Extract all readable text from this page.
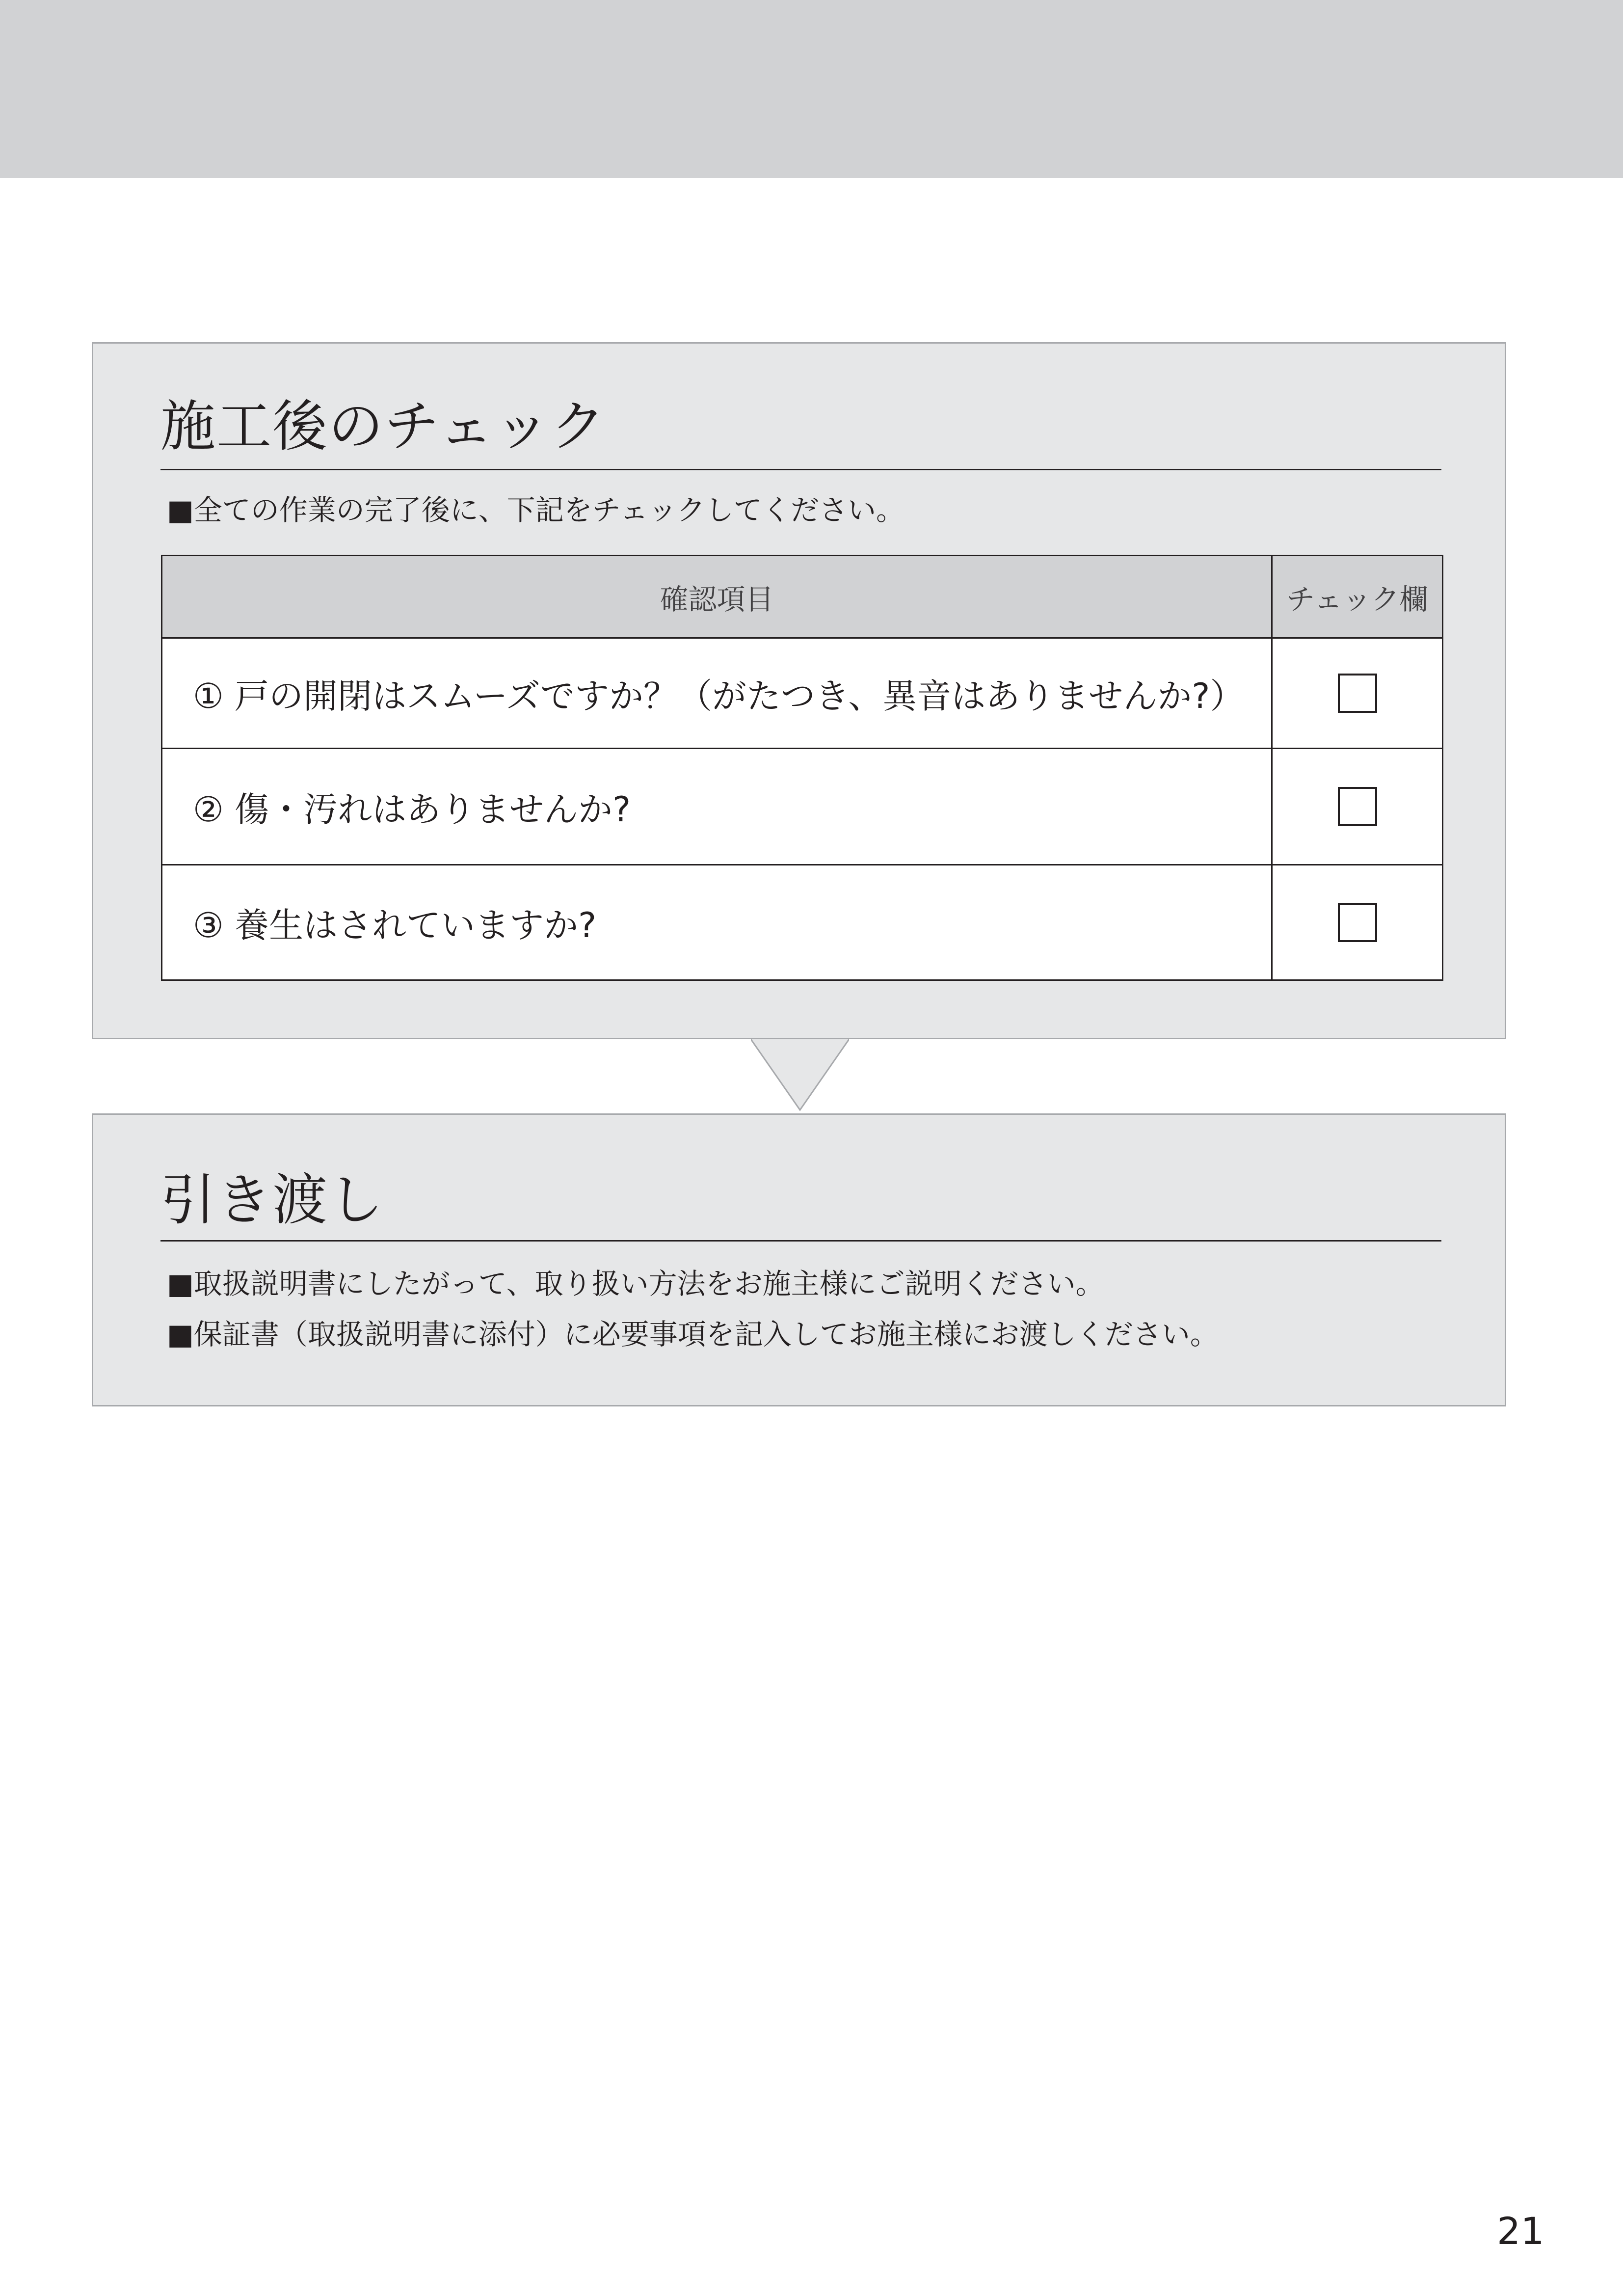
施工後のチェック
■全ての作業の完了後に、下記をチェックしてください。
確認項目	チェック欄
① 戸の開閉はスムーズですか？（がたつき、異音はありませんか?）	
② 傷・汚れはありませんか?	
③ 養生はされていますか?	
引き渡し
■取扱説明書にしたがって、取り扱い方法をお施主様にご説明ください。
■保証書（取扱説明書に添付）に必要事項を記入してお施主様にお渡しください。
21
